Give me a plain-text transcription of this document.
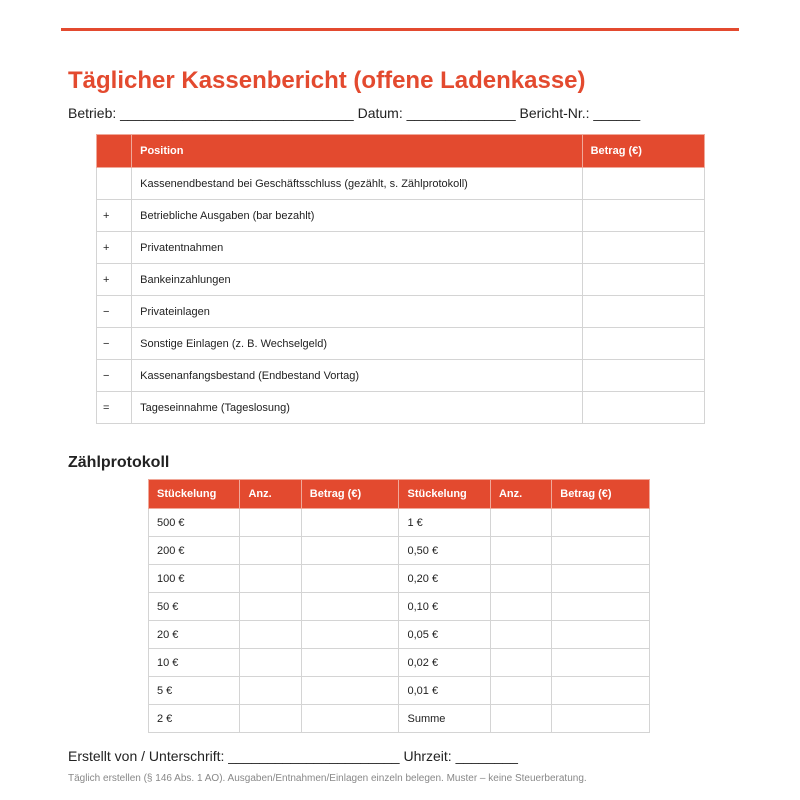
Täglicher Kassenbericht (offene Ladenkasse)
Betrieb: ______________________________ Datum: ______________ Bericht-Nr.: ______
	Position	Betrag (€)
	Kassenendbestand bei Geschäftsschluss (gezählt, s. Zählprotokoll)	
+	Betriebliche Ausgaben (bar bezahlt)	
+	Privatentnahmen	
+	Bankeinzahlungen	
−	Privateinlagen	
−	Sonstige Einlagen (z. B. Wechselgeld)	
−	Kassenanfangsbestand (Endbestand Vortag)	
=	Tageseinnahme (Tageslosung)	
Zählprotokoll
Stückelung	Anz.	Betrag (€)	Stückelung	Anz.	Betrag (€)
500 €			1 €		
200 €			0,50 €		
100 €			0,20 €		
50 €			0,10 €		
20 €			0,05 €		
10 €			0,02 €		
5 €			0,01 €		
2 €			Summe		
Erstellt von / Unterschrift: ______________________ Uhrzeit: ________
Täglich erstellen (§ 146 Abs. 1 AO). Ausgaben/Entnahmen/Einlagen einzeln belegen. Muster – keine Steuerberatung.
